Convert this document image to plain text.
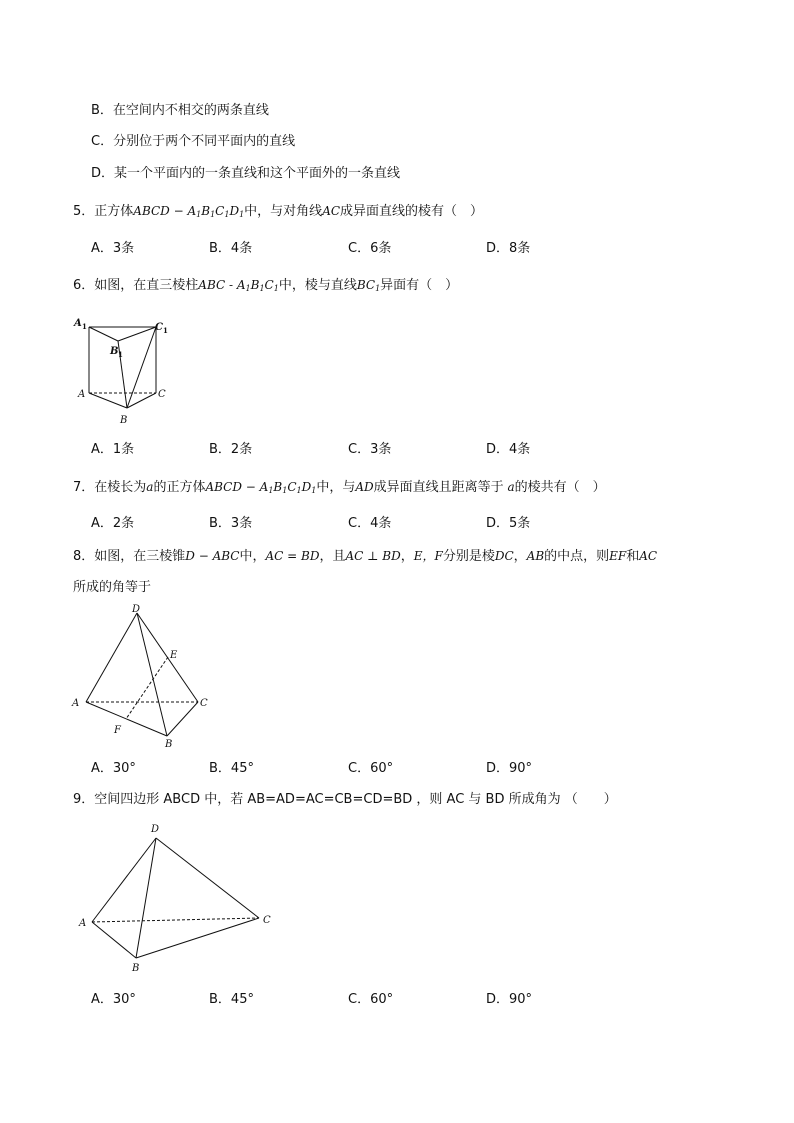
B．在空间内不相交的两条直线
C．分别位于两个不同平面内的直线
D．某一个平面内的一条直线和这个平面外的一条直线
5．正方体ABCD − $A_1B_1C_1D_1$中，与对角线AC成异面直线的棱有（　）
A．3条	B．4条	C．6条	D．8条
6．如图，在直三棱柱ABC - $A_1B_1C_1$中，棱与直线$BC_1$异面有（　）
A 1	C 1
B 1
A	C
B
A．1条	B．2条	C．3条	D．4条
7．在棱长为a的正方体ABCD − $A_1B_1C_1D_1$中，与AD成异面直线且距离等于 a的棱共有（　）
A．2条	B．3条	C．4条	D．5条
8．如图，在三棱锥D − ABC中，AC = BD，且AC ⊥ BD，E，F分别是棱DC，AB的中点，则EF和AC
所成的角等于
D
E
A	C
F
B
A．30°	B．45°	C．60°	D．90°
9．空间四边形 ABCD 中，若 AB=AD=AC=CB=CD=BD ，则 AC 与 BD 所成角为 （　　）
D
A	C
B
A．30°	B．45°	C．60°	D．90°
